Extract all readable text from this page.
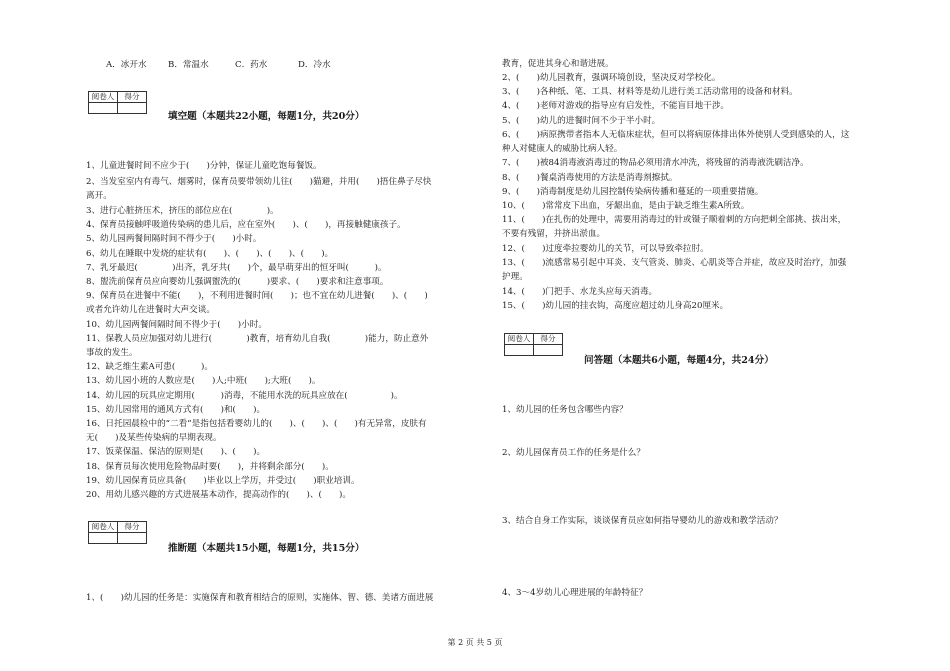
A．冰开水 B．常温水	C．药水	D．冷水
阅卷人	得分

填空题（本题共22小题，每题1分，共20分）
1、儿童进餐时间不应少于(　　)分钟，保证儿童吃饱每餐饭。
2、当发室室内有毒气、烟雾时，保育员要带领幼儿往(　　)猫避，并用(　　)捂住鼻子尽快
离开。
3、进行心脏挤压术，挤压的部位应在(　　　　)。
4、保育员接触呼吸道传染病的患儿后，应在室外(　　)、(　　)，再接触健康孩子。
5、幼儿园两餐间隔时间不得少于(　　)小时。
6、幼儿在睡眠中发烧的症状有(　　)、(　　)、(　　)、(　　)。
7、乳牙最迟(　　　　)出齐，乳牙共(　　)个，最早萌芽出的恒牙叫(　　　)。
8、盥洗前保育员应向婴幼儿强调盥洗的(　　　)要求、(　　)要求和注意事项。
9、保育员在进餐中不能(　　)，不利用进餐时间(　　)；也不宜在幼儿进餐(　　)、(　　)
或者允许幼儿在进餐时大声交谈。
10、幼儿园两餐间隔时间不得少于(　　)小时。
11、保教人员应加强对幼儿进行(　　　　)教育，培育幼儿自我(　　　　)能力，防止意外
事故的发生。
12、缺乏维生素A可患(　　　)。
13、幼儿园小班的人数应是(　　)人;中班(　　);大班(　　)。
14、幼儿园的玩具应定期用(　　　)消毒，不能用水洗的玩具应放在(　　　　　)。
15、幼儿园常用的通风方式有(　　)和(　　)。
16、日托园晨检中的“二看”是指包括看婴幼儿的(　　)、(　　)、(　　)有无异常，皮肤有
无(　　)及某些传染病的早期表现。
17、饭菜保温、保洁的原则是(　　)、(　　)。
18、保育员每次使用危险物品时要(　　)，并将剩余部分(　　)。
19、幼儿园保育员应具备(　　)毕业以上学历，并受过(　　)职业培训。
20、用幼儿感兴趣的方式进展基本动作，提高动作的(　　)、(　　)。
阅卷人	得分

推断题（本题共15小题，每题1分，共15分）
1、(　　)幼儿园的任务是：实施保育和教育相结合的原则，实施体、智、德、美诸方面进展
教育，促进其身心和谐进展。
2、(　　)幼儿园教育，强调环境创设，坚决反对学校化。
3、(　　)各种纸、笔、工具、材料等是幼儿进行美工活动常用的设备和材料。
4、(　　)老师对游戏的指导应有启发性，不能盲目地干涉。
5、(　　)幼儿的进餐时间不少于半小时。
6、(　　)病原携带者指本人无临床症状，但可以将病原体排出体外使别人受到感染的人，这
种人对健康人的威胁比病人轻。
7、(　　)被84消毒液消毒过的物品必须用清水冲洗，将残留的消毒液洗刷洁净。
8、(　　)餐桌消毒使用的方法是消毒剂擦拭。
9、(　　)消毒制度是幼儿园控制传染病传播和蔓延的一项重要措施。
10、(　　)常常皮下出血，牙龈出血，是由于缺乏维生素A所致。
11、(　　)在扎伤的处理中，需要用消毒过的针或镊子顺着刺的方向把刺全部挑、拔出来，
不要有残留，并挤出淤血。
12、(　　)过度牵拉婴幼儿的关节，可以导致牵拉肘。
13、(　　)流感常易引起中耳炎、支气管炎、肺炎、心肌炎等合并症，故应及时治疗，加强
护理。
14、(　　)门把手、水龙头应每天消毒。
15、(　　)幼儿园的挂衣钩，高度应超过幼儿身高20厘米。
阅卷人	得分

问答题（本题共6小题，每题4分，共24分）
1、幼儿园的任务包含哪些内容？
2、幼儿园保育员工作的任务是什么？
3、结合自身工作实际，谈谈保育员应如何指导婴幼儿的游戏和教学活动？
4、3～4岁幼儿心理进展的年龄特征？
第 2 页 共 5 页
